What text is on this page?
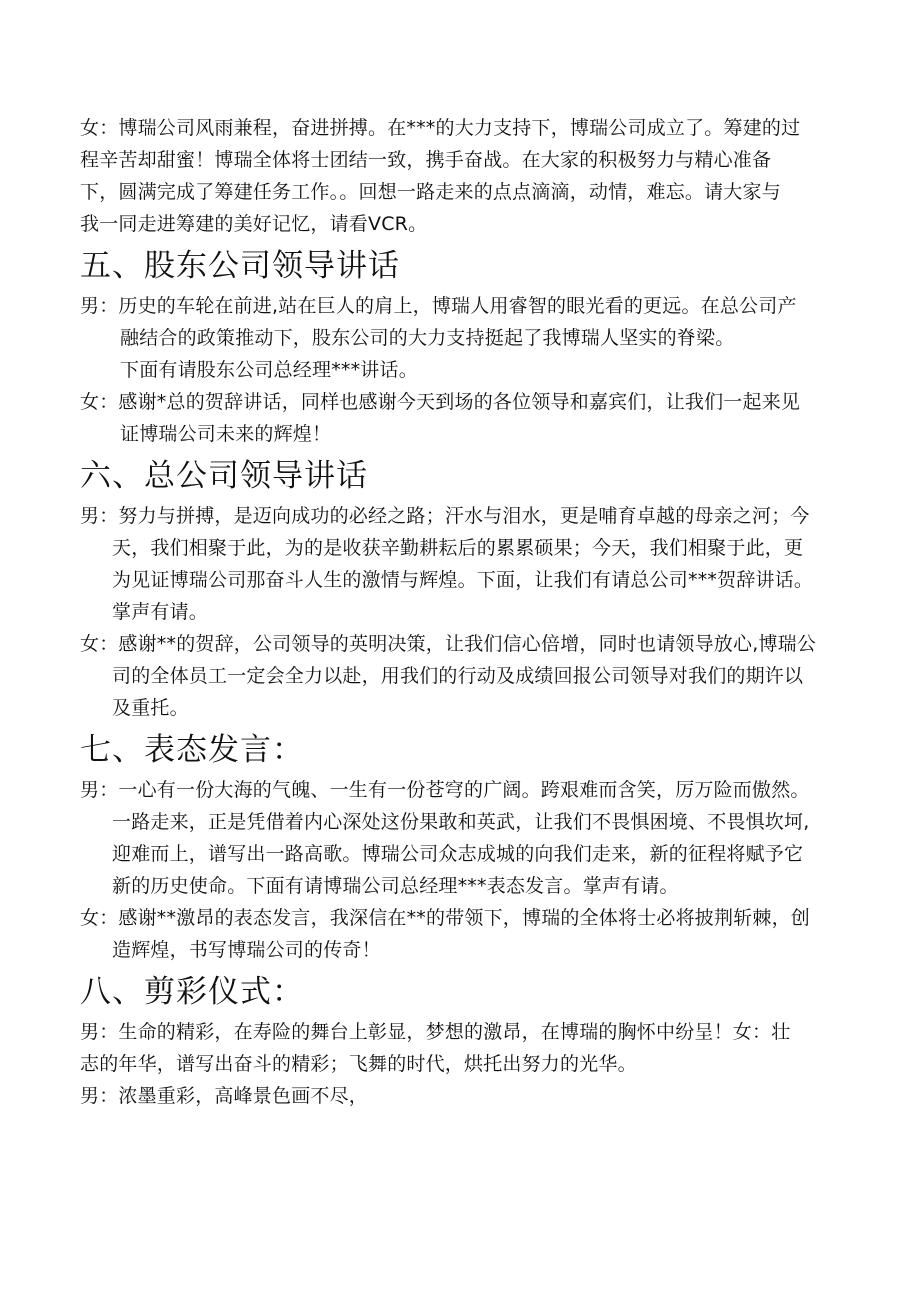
女：博瑞公司风雨兼程，奋进拼搏。在***的大力支持下，博瑞公司成立了。筹建的过
程辛苦却甜蜜！博瑞全体将士团结一致，携手奋战。在大家的积极努力与精心准备
下，圆满完成了筹建任务工作。。回想一路走来的点点滴滴，动情，难忘。请大家与
我一同走进筹建的美好记忆，请看VCR。

五、股东公司领导讲话

男：历史的车轮在前进,站在巨人的肩上，博瑞人用睿智的眼光看的更远。在总公司产
融结合的政策推动下，股东公司的大力支持挺起了我博瑞人坚实的脊梁。
下面有请股东公司总经理***讲话。

女：感谢*总的贺辞讲话，同样也感谢今天到场的各位领导和嘉宾们，让我们一起来见
证博瑞公司未来的辉煌！

六、总公司领导讲话

男：努力与拼搏，是迈向成功的必经之路；汗水与泪水，更是哺育卓越的母亲之河；今
天，我们相聚于此，为的是收获辛勤耕耘后的累累硕果；今天，我们相聚于此，更
为见证博瑞公司那奋斗人生的激情与辉煌。下面，让我们有请总公司***贺辞讲话。
掌声有请。

女：感谢**的贺辞，公司领导的英明决策，让我们信心倍增，同时也请领导放心,博瑞公
司的全体员工一定会全力以赴，用我们的行动及成绩回报公司领导对我们的期许以
及重托。

七、表态发言：

男：一心有一份大海的气魄、一生有一份苍穹的广阔。跨艰难而含笑，厉万险而傲然。
一路走来，正是凭借着内心深处这份果敢和英武，让我们不畏惧困境、不畏惧坎坷,
迎难而上，谱写出一路高歌。博瑞公司众志成城的向我们走来，新的征程将赋予它
新的历史使命。下面有请博瑞公司总经理***表态发言。掌声有请。

女：感谢**激昂的表态发言，我深信在**的带领下，博瑞的全体将士必将披荆斩棘，创
造辉煌，书写博瑞公司的传奇！

八、剪彩仪式：

男：生命的精彩，在寿险的舞台上彰显，梦想的激昂，在博瑞的胸怀中纷呈！女：壮
志的年华，谱写出奋斗的精彩；飞舞的时代，烘托出努力的光华。
男：浓墨重彩，高峰景色画不尽，
